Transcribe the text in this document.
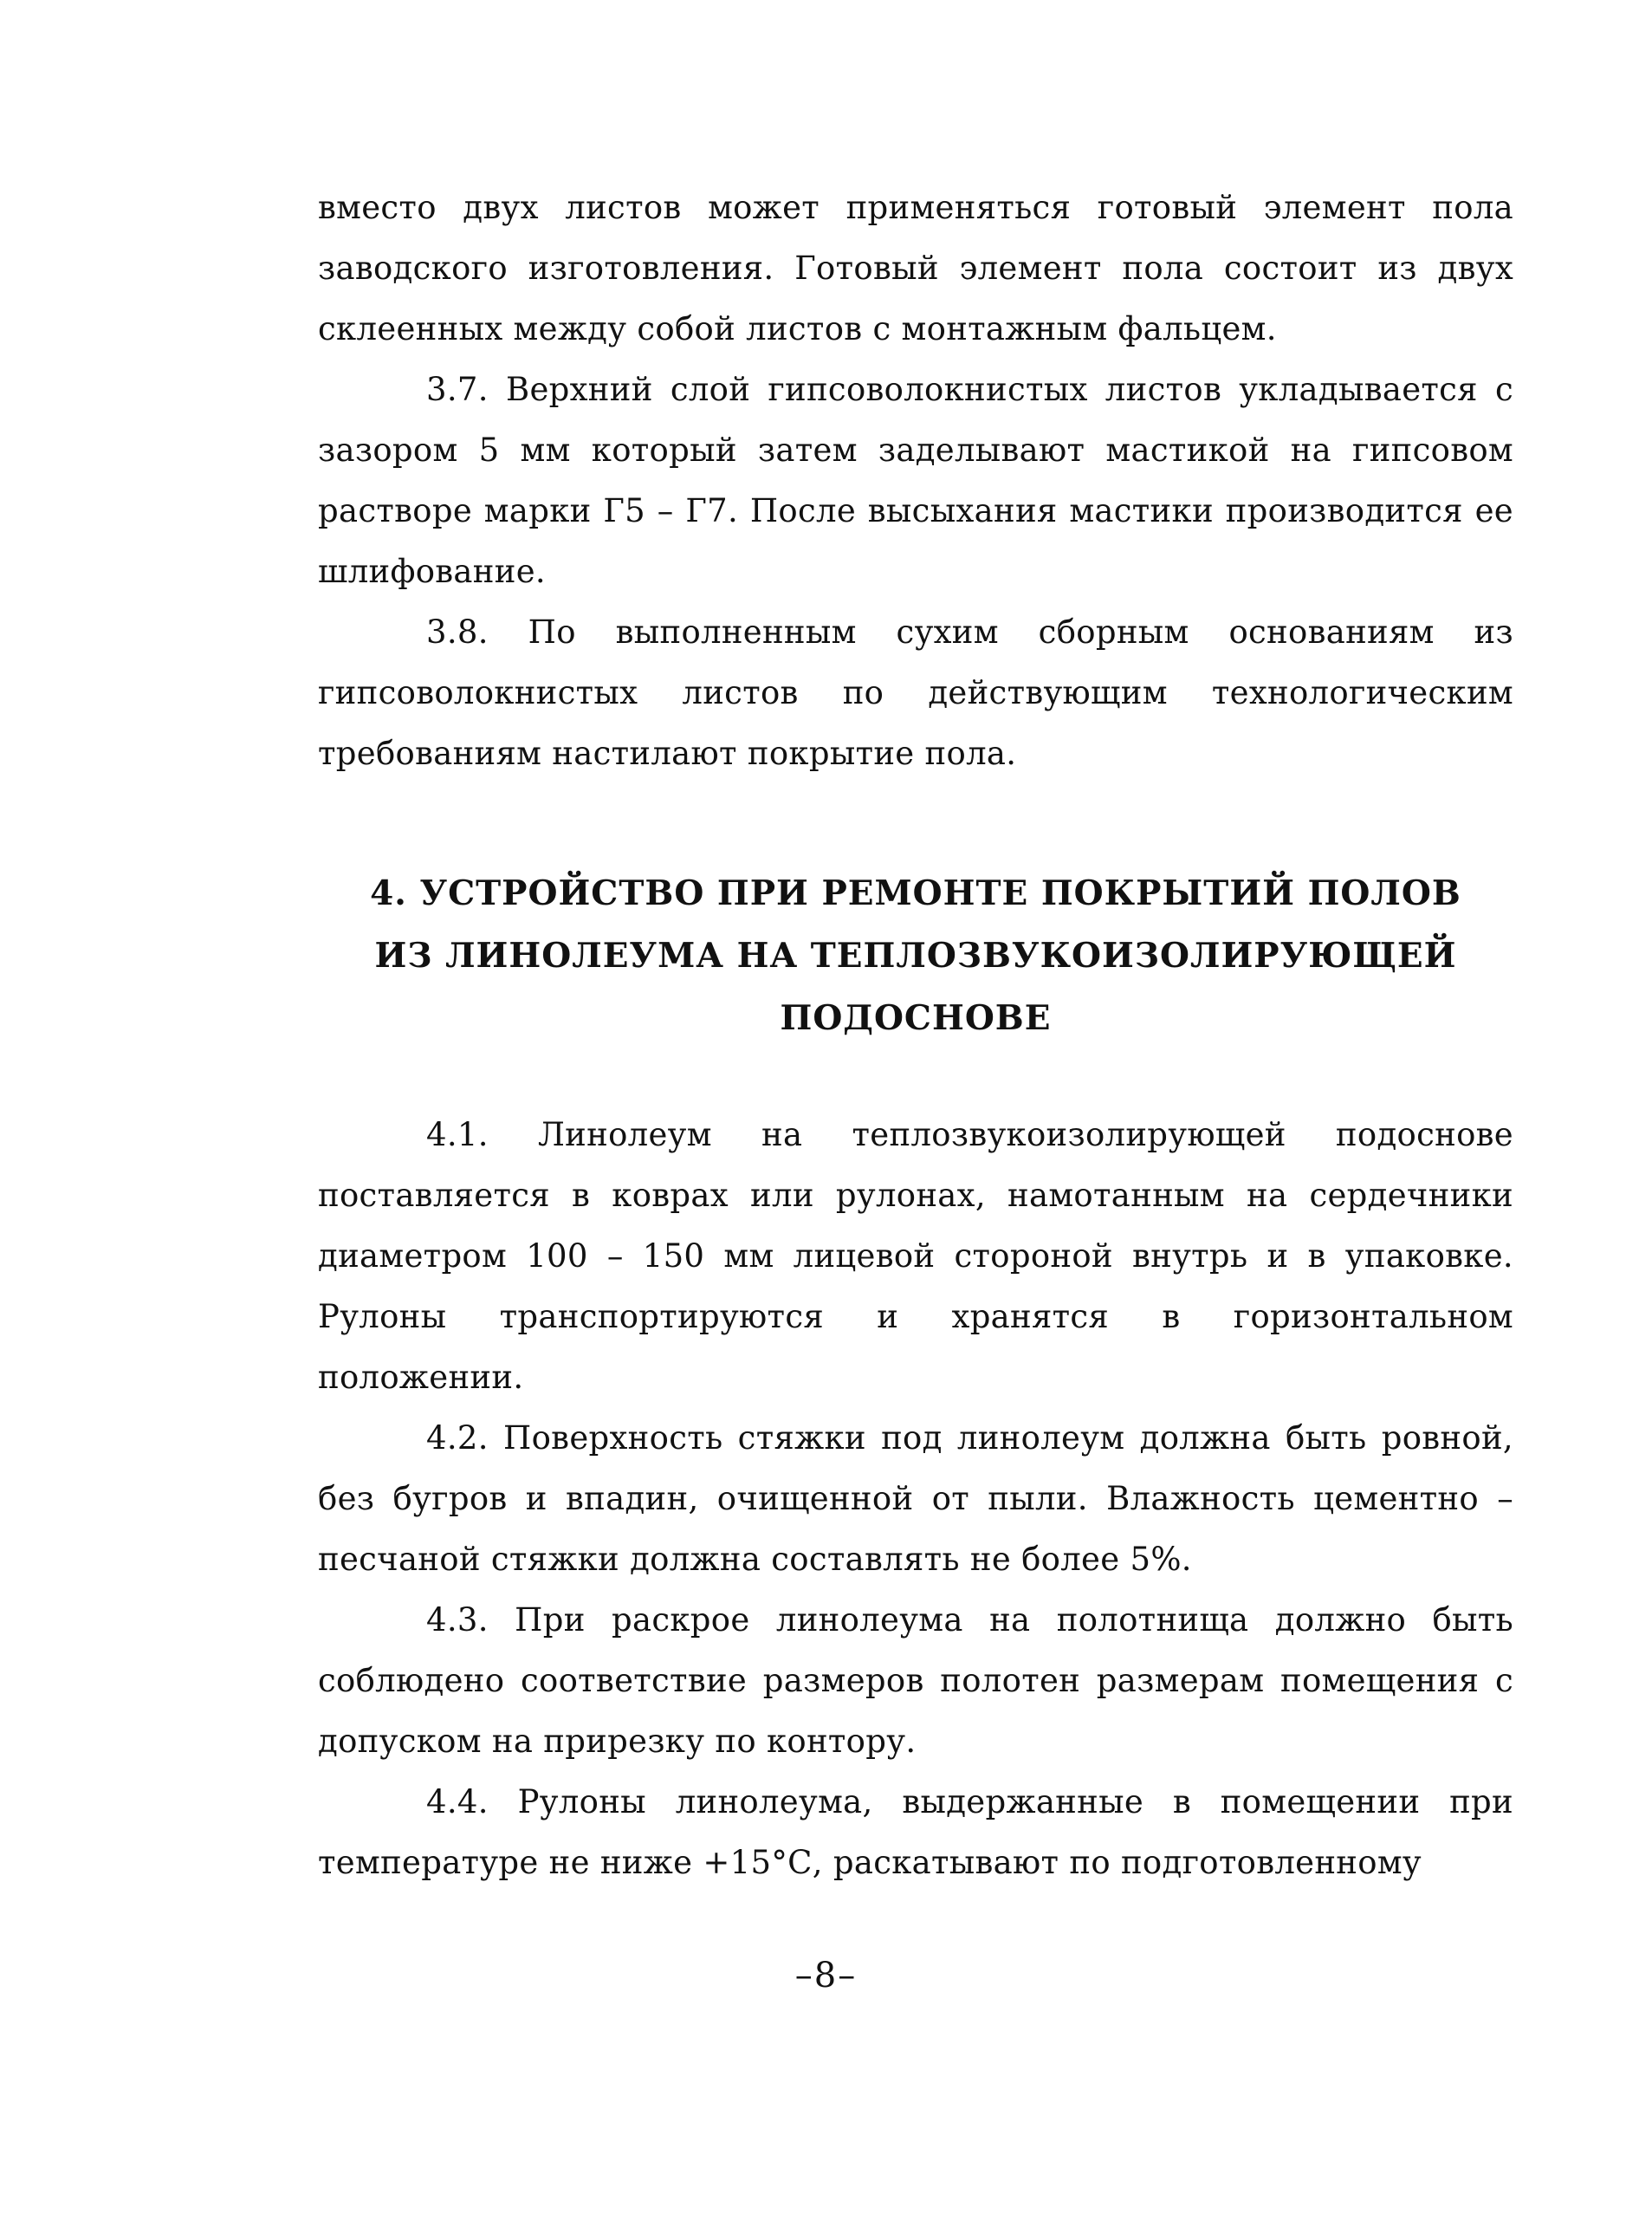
вместо двух листов может применяться готовый элемент пола заводского изготовления. Готовый элемент пола состоит из двух склеенных между собой листов с монтажным фальцем.

3.7. Верхний слой гипсоволокнистых листов укладывается с зазором 5 мм который затем заделывают мастикой на гипсовом растворе марки Г5 – Г7. После высыхания мастики производится ее шлифование.

3.8. По выполненным сухим сборным основаниям из гипсоволокнистых листов по действующим технологическим требованиям настилают покрытие пола.

4. УСТРОЙСТВО ПРИ РЕМОНТЕ ПОКРЫТИЙ ПОЛОВ
ИЗ ЛИНОЛЕУМА НА ТЕПЛОЗВУКОИЗОЛИРУЮЩЕЙ
ПОДОСНОВЕ

4.1. Линолеум на теплозвукоизолирующей подоснове поставляется в коврах или рулонах, намотанным на сердечники диаметром 100 – 150 мм лицевой стороной внутрь и в упаковке. Рулоны транспортируются и хранятся в горизонтальном положении.

4.2. Поверхность стяжки под линолеум должна быть ровной, без бугров и впадин, очищенной от пыли. Влажность цементно – песчаной стяжки должна составлять не более 5%.

4.3. При раскрое линолеума на полотнища должно быть соблюдено соответствие размеров полотен размерам помещения с допуском на прирезку по контору.

4.4. Рулоны линолеума, выдержанные в помещении при температуре не ниже +15°С, раскатывают по подготовленному

–8–
